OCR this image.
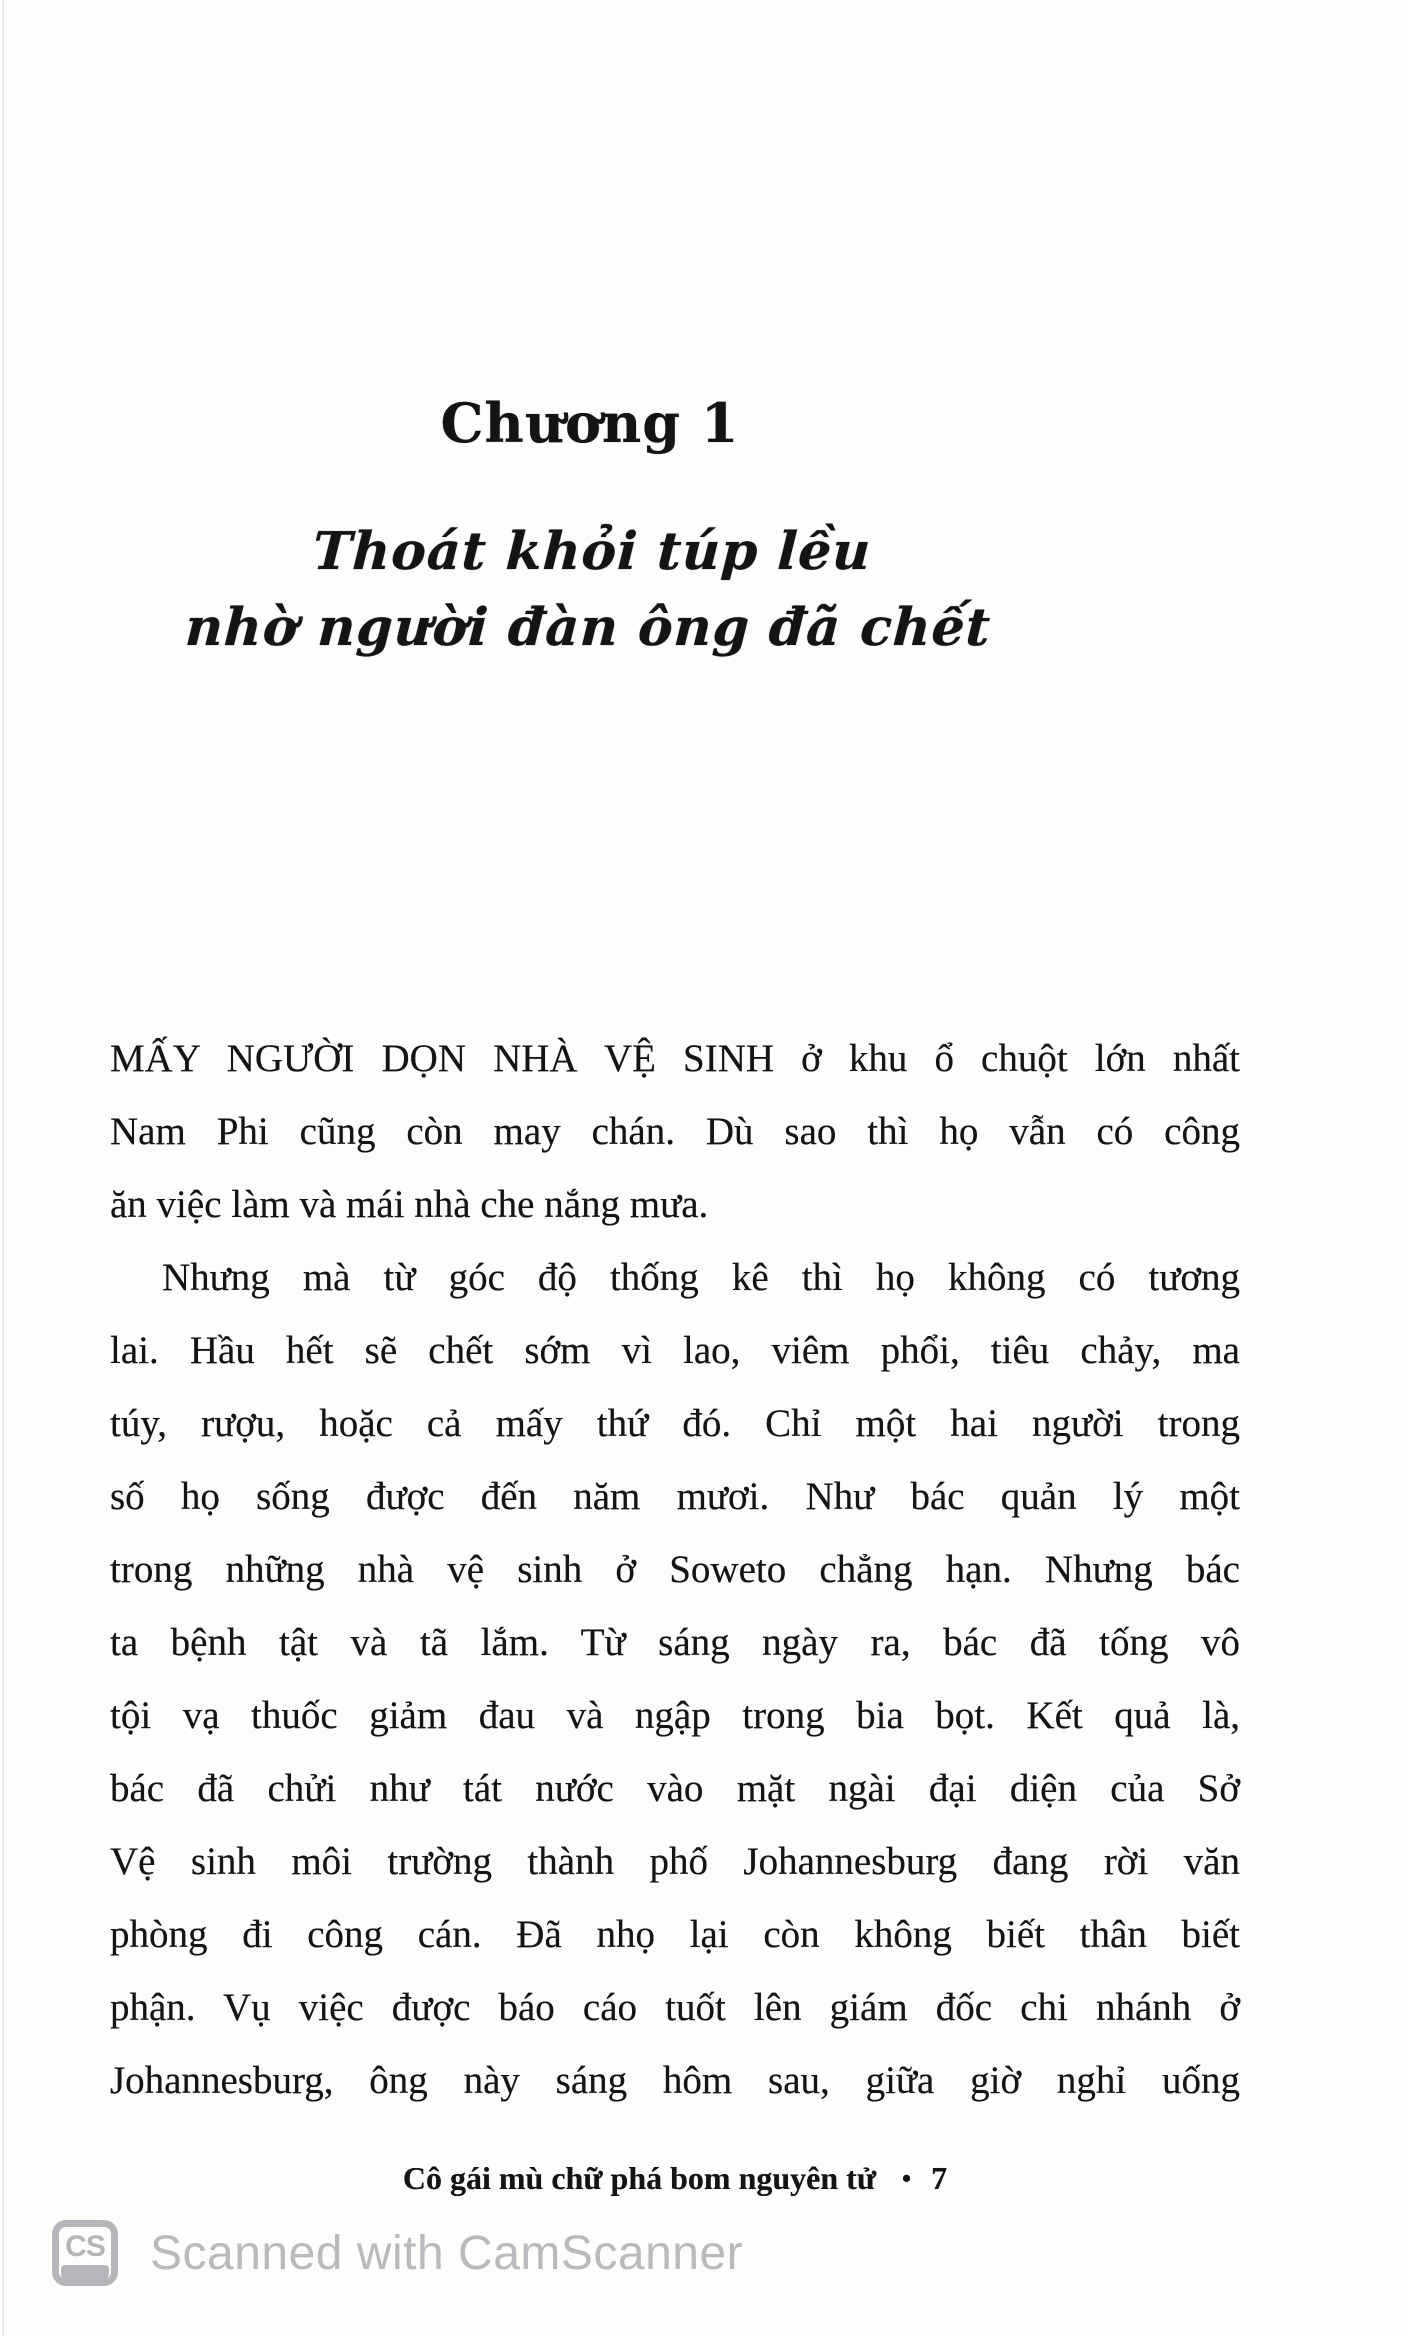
Chương 1
Thoát khỏi túp lều
nhờ người đàn ông đã chết
MẤY NGƯỜI DỌN NHÀ VỆ SINH ở khu ổ chuột lớn nhất
Nam Phi cũng còn may chán. Dù sao thì họ vẫn có công
ăn việc làm và mái nhà che nắng mưa.
Nhưng mà từ góc độ thống kê thì họ không có tương
lai. Hầu hết sẽ chết sớm vì lao, viêm phổi, tiêu chảy, ma
túy, rượu, hoặc cả mấy thứ đó. Chỉ một hai người trong
số họ sống được đến năm mươi. Như bác quản lý một
trong những nhà vệ sinh ở Soweto chẳng hạn. Nhưng bác
ta bệnh tật và tã lắm. Từ sáng ngày ra, bác đã tống vô
tội vạ thuốc giảm đau và ngập trong bia bọt. Kết quả là,
bác đã chửi như tát nước vào mặt ngài đại diện của Sở
Vệ sinh môi trường thành phố Johannesburg đang rời văn
phòng đi công cán. Đã nhọ lại còn không biết thân biết
phận. Vụ việc được báo cáo tuốt lên giám đốc chi nhánh ở
Johannesburg, ông này sáng hôm sau, giữa giờ nghỉ uống
Cô gái mù chữ phá bom nguyên tử • 7
CS Scanned with CamScanner
